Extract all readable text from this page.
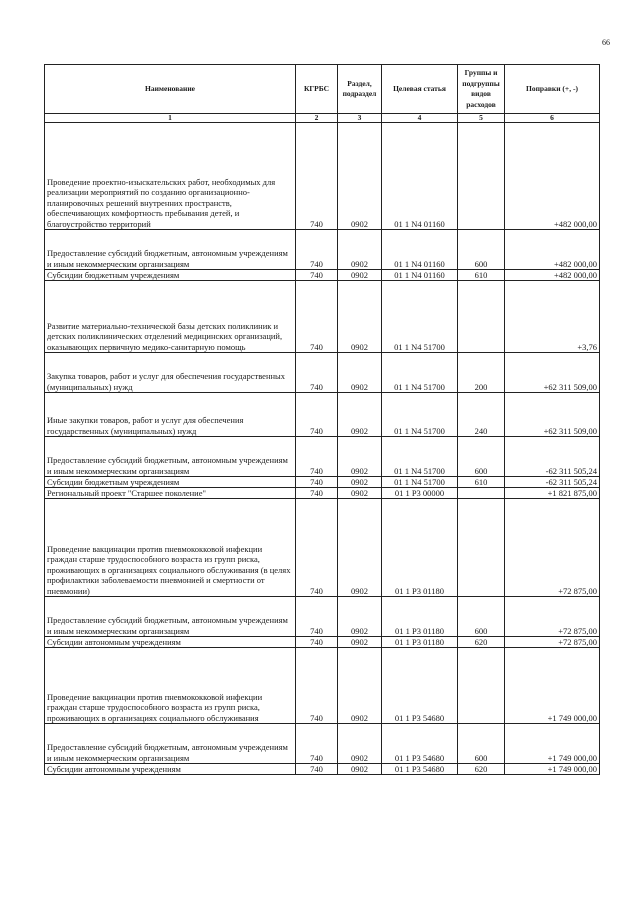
66
Наименование	КГРБС	Раздел, подраздел	Целевая статья	Группы и подгруппы видов расходов	Поправки (+, -)
1	2	3	4	5	6
Проведение проектно-изыскательских работ, необходимых для реализации мероприятий по созданию организационно-планировочных решений внутренних пространств, обеспечивающих комфортность пребывания детей, и благоустройство территорий	740	0902	01 1 N4 01160		+482 000,00
Предоставление субсидий бюджетным, автономным учреждениям и иным некоммерческим организациям	740	0902	01 1 N4 01160	600	+482 000,00
Субсидии бюджетным учреждениям	740	0902	01 1 N4 01160	610	+482 000,00
Развитие материально-технической базы детских поликлиник и детских поликлинических отделений медицинских организаций, оказывающих первичную медико-санитарную помощь	740	0902	01 1 N4 51700		+3,76
Закупка товаров, работ и услуг для обеспечения государственных (муниципальных) нужд	740	0902	01 1 N4 51700	200	+62 311 509,00
Иные закупки товаров, работ и услуг для обеспечения государственных (муниципальных) нужд	740	0902	01 1 N4 51700	240	+62 311 509,00
Предоставление субсидий бюджетным, автономным учреждениям и иным некоммерческим организациям	740	0902	01 1 N4 51700	600	-62 311 505,24
Субсидии бюджетным учреждениям	740	0902	01 1 N4 51700	610	-62 311 505,24
Региональный проект "Старшее поколение"	740	0902	01 1 P3 00000		+1 821 875,00
Проведение вакцинации против пневмококковой инфекции граждан старше трудоспособного возраста из групп риска, проживающих в организациях социального обслуживания (в целях профилактики заболеваемости пневмонией и смертности от пневмонии)	740	0902	01 1 P3 01180		+72 875,00
Предоставление субсидий бюджетным, автономным учреждениям и иным некоммерческим организациям	740	0902	01 1 P3 01180	600	+72 875,00
Субсидии автономным учреждениям	740	0902	01 1 P3 01180	620	+72 875,00
Проведение вакцинации против пневмококковой инфекции граждан старше трудоспособного возраста из групп риска, проживающих в организациях социального обслуживания	740	0902	01 1 P3 54680		+1 749 000,00
Предоставление субсидий бюджетным, автономным учреждениям и иным некоммерческим организациям	740	0902	01 1 P3 54680	600	+1 749 000,00
Субсидии автономным учреждениям	740	0902	01 1 P3 54680	620	+1 749 000,00
